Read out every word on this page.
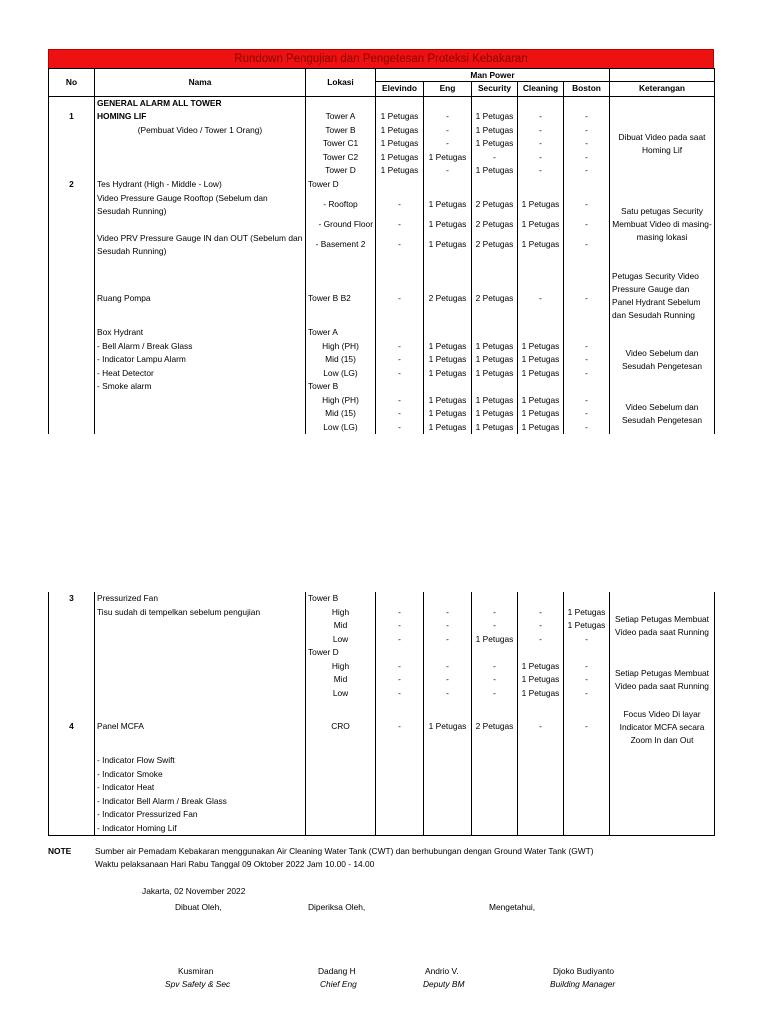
Rundown Pengujian dan Pengetesan Proteksi Kebakaran
No	Nama	Lokasi	Man Power					
			Elevindo	Eng	Security	Cleaning	Boston	Keterangan
	GENERAL ALARM ALL TOWER							
1	HOMING LIF	Tower A	1 Petugas	-	1 Petugas	-	-	
	(Pembuat Video / Tower 1 Orang)	Tower B	1 Petugas	-	1 Petugas	-	-	Dibuat Video pada saat Homing Lif
		Tower C1	1 Petugas	-	1 Petugas	-	-	
		Tower C2	1 Petugas	1 Petugas	-	-	-	
		Tower D	1 Petugas	-	1 Petugas	-	-	
2	Tes Hydrant (High - Middle - Low)	Tower D						
	Video Pressure Gauge Rooftop (Sebelum dan Sesudah Running)	- Rooftop	-	1 Petugas	2 Petugas	1 Petugas	-	Satu petugas Security Membuat Video di masing-masing lokasi
		- Ground Floor	-	1 Petugas	2 Petugas	1 Petugas	-	
	Video PRV Pressure Gauge IN dan OUT (Sebelum dan Sesudah Running)	- Basement 2	-	1 Petugas	2 Petugas	1 Petugas	-	
								Petugas Security Video Pressure Gauge dan Panel Hydrant Sebelum dan Sesudah Running
	Ruang Pompa	Tower B B2	-	2 Petugas	2 Petugas	-	-	
	Box Hydrant	Tower A						
	- Bell Alarm / Break Glass	High (PH)	-	1 Petugas	1 Petugas	1 Petugas	-	Video Sebelum dan Sesudah Pengetesan
	- Indicator Lampu Alarm	Mid (15)	-	1 Petugas	1 Petugas	1 Petugas	-	
	- Heat Detector	Low (LG)	-	1 Petugas	1 Petugas	1 Petugas	-	
	- Smoke alarm	Tower B						
		High (PH)	-	1 Petugas	1 Petugas	1 Petugas	-	Video Sebelum dan Sesudah Pengetesan
		Mid (15)	-	1 Petugas	1 Petugas	1 Petugas	-	
		Low (LG)	-	1 Petugas	1 Petugas	1 Petugas	-	
3	Pressurized Fan	Tower B						
	Tisu sudah di tempelkan sebelum pengujian	High	-	-	-	-	1 Petugas	Setiap Petugas Membuat Video pada saat Running
		Mid	-	-	-	-	1 Petugas	
		Low	-	-	1 Petugas	-	-	
		Tower D						
		High	-	-	-	1 Petugas	-	Setiap Petugas Membuat Video pada saat Running
		Mid	-	-	-	1 Petugas	-	
		Low	-	-	-	1 Petugas	-	
4	Panel MCFA	CRO	-	1 Petugas	2 Petugas	-	-	Focus Video Di layar Indicator MCFA secara Zoom In dan Out
	- Indicator Flow Swift							
	- Indicator Smoke							
	- Indicator Heat							
	- Indicator Bell Alarm / Break Glass							
	- Indicator Pressurized Fan							
	- Indicator Homing Lif							
NOTE	Sumber air Pemadam Kebakaran menggunakan Air Cleaning Water Tank (CWT) dan berhubungan dengan Ground Water Tank (GWT)
Waktu pelaksanaan Hari Rabu Tanggal 09 Oktober 2022 Jam 10.00 - 14.00
Jakarta, 02 November 2022
Dibuat Oleh,	Diperiksa Oleh,	Mengetahui,
Kusmiran
Spv Safety & Sec
Dadang H
Chief Eng
Andrio V.
Deputy BM
Djoko Budiyanto
Building Manager
